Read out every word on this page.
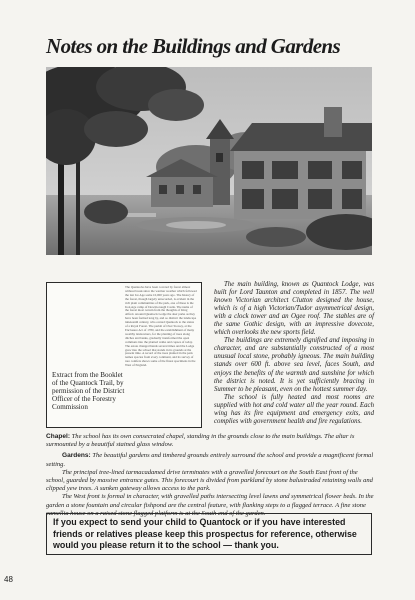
Notes on the Buildings and Gardens
The Quantocks have been covered by forest almost without break since the warmer weather which followed the last Ice Age some 10,000 years ago. The history of the forest, though largely unrecorded, is evident in the rich plant communities of the park, one of these is the Iron Age camp of Dowsborough Castle. The name of the forest most certain from the thoughts of King Alfred. Around Quantock Lodge the deer parks as they have been formed long by, and so distinct the landscape nineteenth century, who owned Quantock to the status of a Royal Forest. The parish of Over Stowey, at the Enclosure Act of 1780, and the establishment of many wealthy landowners, for the planting of trees along ditches and banks, gradually transformed the open commons into the planted walks and copses of today. The estate changed hands several times and the Lodge grew into the school that stands in its grounds at the present time. A record of the trees planted in the park names species from every continent, and its survey of rare conifers shows some of the finest specimens in the West of England.
Extract from the Booklet of the Quantock Trail, by permission of the District Officer of the Forestry Commission

The main building, known as Quantock Lodge, was built for Lord Taunton and completed in 1857. The well known Victorian architect Clutton designed the house, which is of a high Victorian/Tudor asymmetrical design, with a clock tower and an Ogee roof. The stables are of the same Gothic design, with an impressive dovecote, which overlooks the new sports field.

The buildings are extremely dignified and imposing in character, and are substantially constructed of a most unusual local stone, probably igneous. The main building stands over 600 ft. above sea level, faces South, and enjoys the benefits of the warmth and sunshine for which the district is noted. It is yet sufficiently bracing in Summer to be pleasant, even on the hottest summer day.

The school is fully heated and most rooms are supplied with hot and cold water all the year round. Each wing has its fire equipment and emergency exits, and complies with government health and fire regulations.

Chapel: The school has its own consecrated chapel, standing in the grounds close to the main buildings. The altar is surmounted by a beautiful stained glass window.

Gardens: The beautiful gardens and timbered grounds entirely surround the school and provide a magnificent formal setting.

The principal tree-lined tarmacadamed drive terminates with a gravelled forecourt on the South East front of the school, guarded by massive entrance gates. This forecourt is divided from parkland by stone balustraded retaining walls and clipped yew trees. A sunken gateway allows access to the park.

The West front is formal in character, with gravelled paths intersecting level lawns and symmetrical flower beds. In the garden a stone fountain and circular fishpond are the central feature, with flanking steps to a flagged terrace. A fine stone camellia house on a raised stone flagged platform is at the South end of the garden.

If you expect to send your child to Quantock or if you have interested friends or relatives please keep this prospectus for reference, otherwise would you please return it to the school — thank you.
48
